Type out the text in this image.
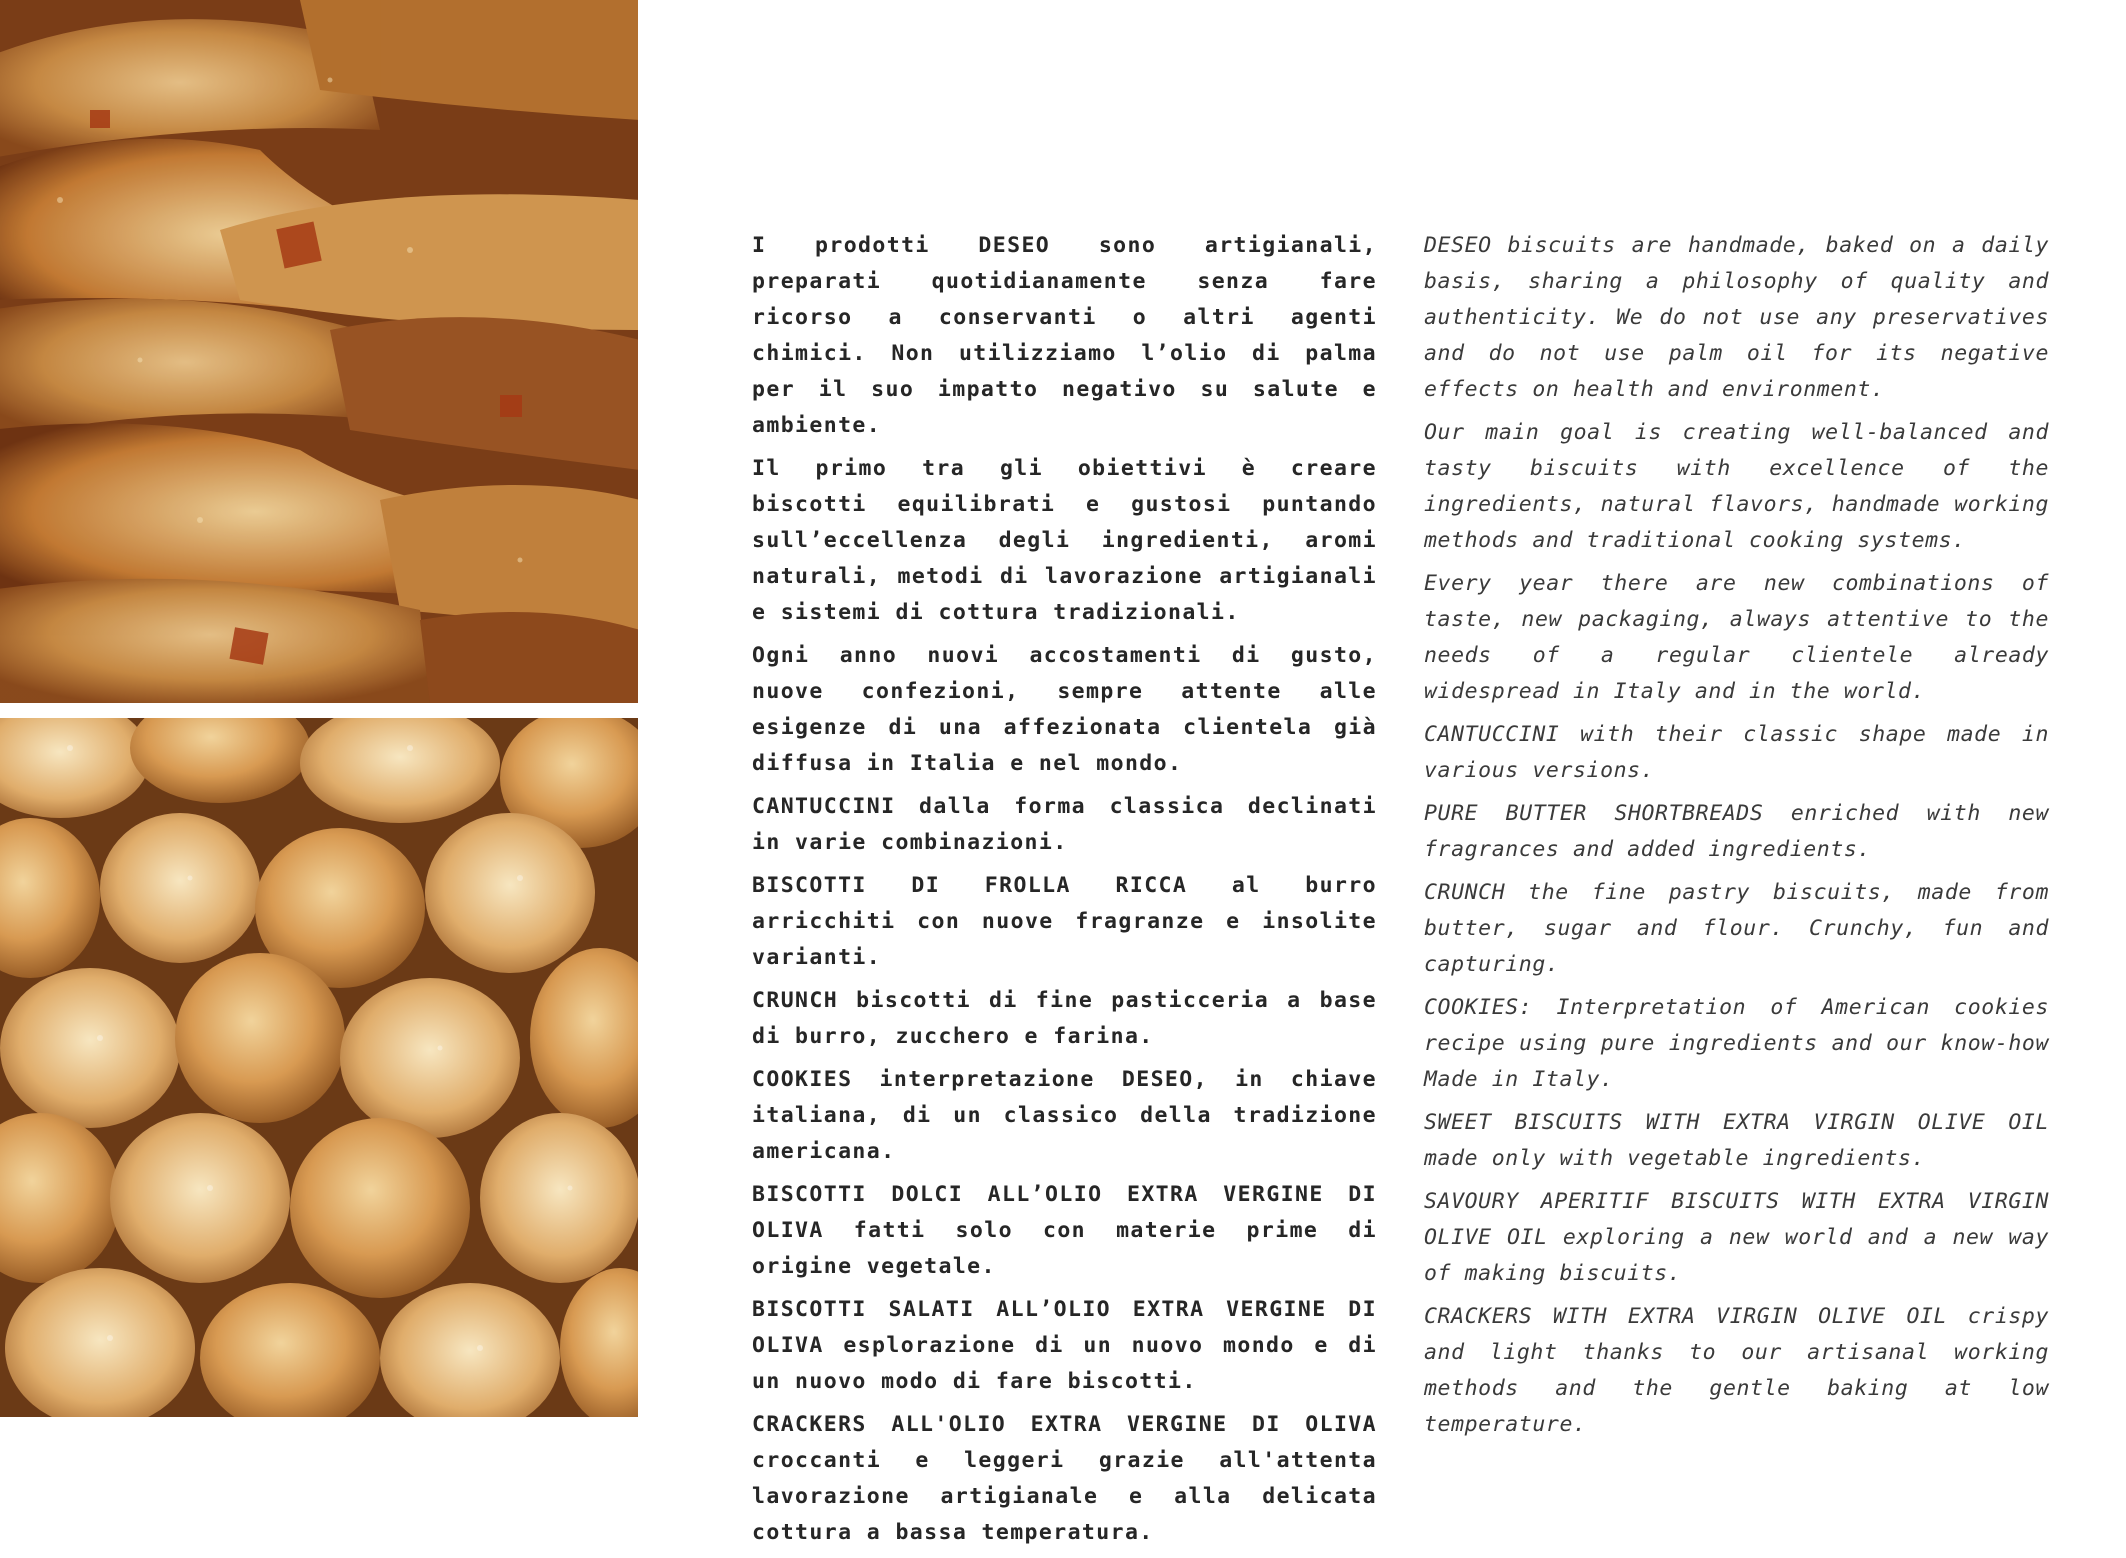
I prodotti DESEO sono artigianali, preparati quotidianamente senza fare ricorso a conservanti o altri agenti chimici. Non utilizziamo l’olio di palma per il suo impatto negativo su salute e ambiente.

Il primo tra gli obiettivi è creare biscotti equilibrati e gustosi puntando sull’eccellenza degli ingredienti, aromi naturali, metodi di lavorazione artigianali e sistemi di cottura tradizionali.

Ogni anno nuovi accostamenti di gusto, nuove confezioni, sempre attente alle esigenze di una affezionata clientela già diffusa in Italia e nel mondo.

CANTUCCINI dalla forma classica declinati in varie combinazioni.

BISCOTTI DI FROLLA RICCA al burro arricchiti con nuove fragranze e insolite varianti.

CRUNCH biscotti di fine pasticceria a base di burro, zucchero e farina.

COOKIES interpretazione DESEO, in chiave italiana, di un classico della tradizione americana.

BISCOTTI DOLCI ALL’OLIO EXTRA VERGINE DI OLIVA fatti solo con materie prime di origine vegetale.

BISCOTTI SALATI ALL’OLIO EXTRA VERGINE DI OLIVA esplorazione di un nuovo mondo e di un nuovo modo di fare biscotti.

CRACKERS ALL'OLIO EXTRA VERGINE DI OLIVA croccanti e leggeri grazie all'attenta lavorazione artigianale e alla delicata cottura a bassa temperatura.

DESEO biscuits are handmade, baked on a daily basis, sharing a philosophy of quality and authenticity. We do not use any preservatives and do not use palm oil for its negative effects on health and environment.

Our main goal is creating well-balanced and tasty biscuits with excellence of the ingredients, natural flavors, handmade working methods and traditional cooking systems.

Every year there are new combinations of taste, new packaging, always attentive to the needs of a regular clientele already widespread in Italy and in the world.

CANTUCCINI with their classic shape made in various versions.

PURE BUTTER SHORTBREADS enriched with new fragrances and added ingredients.

CRUNCH the fine pastry biscuits, made from butter, sugar and flour. Crunchy, fun and capturing.

COOKIES: Interpretation of American cookies recipe using pure ingredients and our know-how Made in Italy.

SWEET BISCUITS WITH EXTRA VIRGIN OLIVE OIL made only with vegetable ingredients.

SAVOURY APERITIF BISCUITS WITH EXTRA VIRGIN OLIVE OIL exploring a new world and a new way of making biscuits.

CRACKERS WITH EXTRA VIRGIN OLIVE OIL crispy and light thanks to our artisanal working methods and the gentle baking at low temperature.
